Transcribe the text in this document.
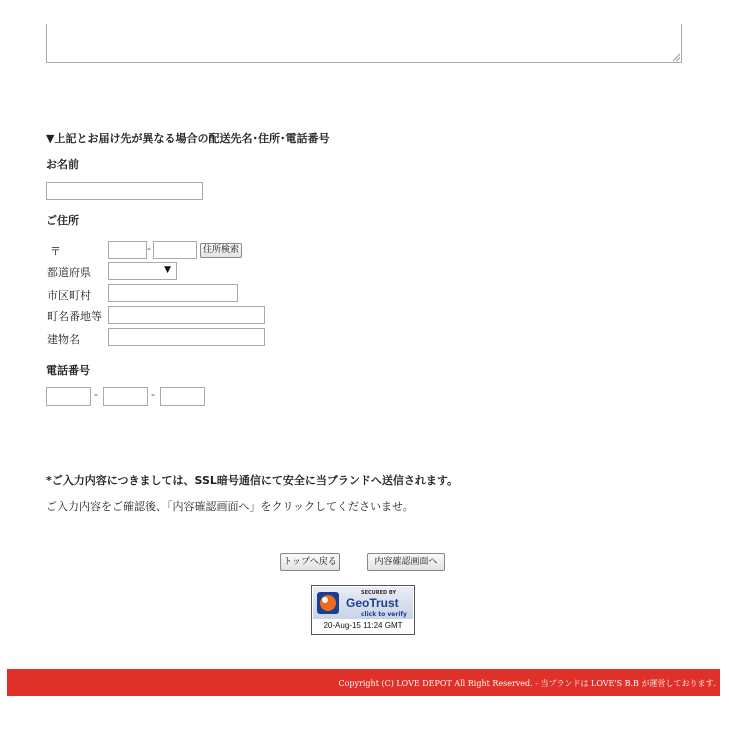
▼上記とお届け先が異なる場合の配送先名･住所･電話番号
お名前
ご住所
〒	-	住所検索
都道府県	▼
市区町村
町名番地等
建物名
電話番号
-	-
*ご入力内容につきましては、SSL暗号通信にて安全に当ブランドへ送信されます。
ご入力内容をご確認後、「内容確認画面へ」をクリックしてくださいませ。
トップへ戻る	内容確認画面へ
SECURED BY
GeoTrust
click to verify
20-Aug-15 11:24 GMT
Copyright (C) LOVE DEPOT All Right Reserved. - 当ブランドは LOVE'S B.B が運営しております.
